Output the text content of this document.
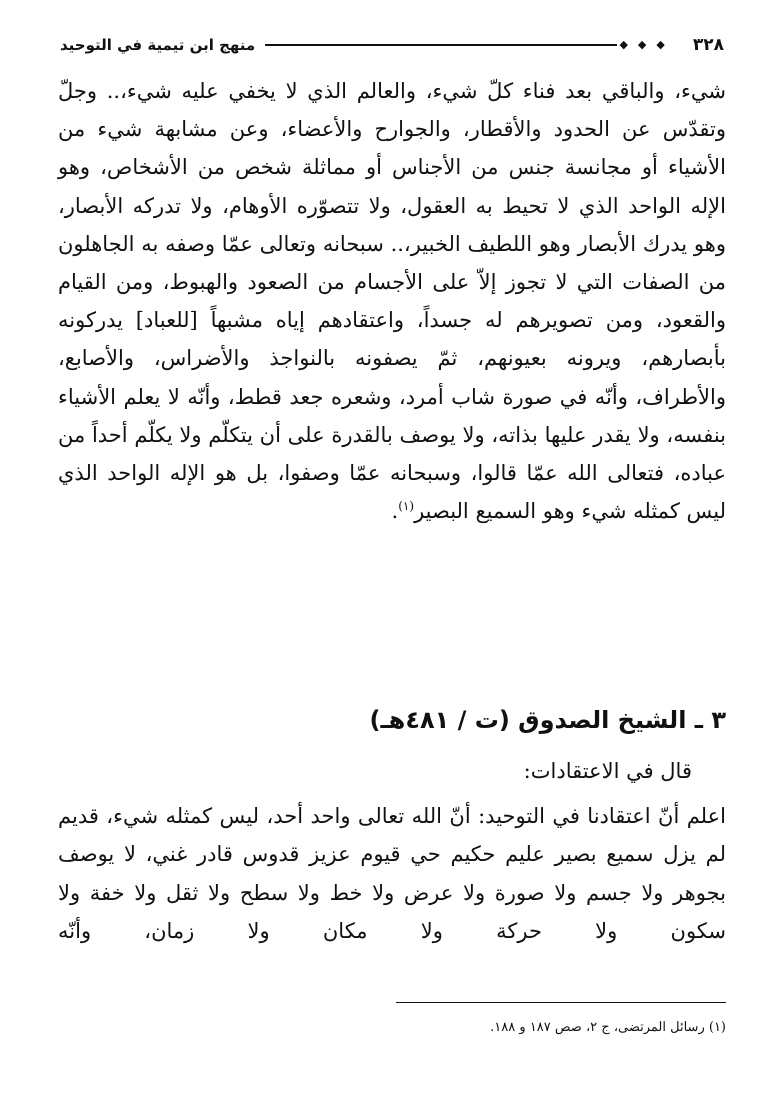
٣٢٨
◆◆◆
منهج ابن تيمية في التوحيد

شيء، والباقي بعد فناء كلّ شيء، والعالم الذي لا يخفي عليه شيء،.. وجلّ وتقدّس عن الحدود والأقطار، والجوارح والأعضاء، وعن مشابهة شيء من الأشياء أو مجانسة جنس من الأجناس أو مماثلة شخص من الأشخاص، وهو الإله الواحد الذي لا تحيط به العقول، ولا تتصوّره الأوهام، ولا تدركه الأبصار، وهو يدرك الأبصار وهو اللطيف الخبير،.. سبحانه وتعالى عمّا وصفه به الجاهلون من الصفات التي لا تجوز إلاّ على الأجسام من الصعود والهبوط، ومن القيام والقعود، ومن تصويرهم له جسداً، واعتقادهم إياه مشبهاً [للعباد] يدركونه بأبصارهم، ويرونه بعيونهم، ثمّ يصفونه بالنواجذ والأضراس، والأصابع، والأطراف، وأنّه في صورة شاب أمرد، وشعره جعد قطط، وأنّه لا يعلم الأشياء بنفسه، ولا يقدر عليها بذاته، ولا يوصف بالقدرة على أن يتكلّم ولا يكلّم أحداً من عباده، فتعالى الله عمّا قالوا، وسبحانه عمّا وصفوا، بل هو الإله الواحد الذي ليس كمثله شيء وهو السميع البصير$^{(١)}$.

٣ ـ الشيخ الصدوق (ت / ٤٨١هـ)

قال في الاعتقادات:

اعلم أنّ اعتقادنا في التوحيد: أنّ الله تعالى واحد أحد، ليس كمثله شيء، قديم لم يزل سميع بصير عليم حكيم حي قيوم عزيز قدوس قادر غني، لا يوصف بجوهر ولا جسم ولا صورة ولا عرض ولا خط ولا سطح ولا ثقل ولا خفة ولا سكون ولا حركة ولا مكان ولا زمان، وأنّه

(١) رسائل المرتضى، ج ٢، صص ١٨٧ و ١٨٨.
